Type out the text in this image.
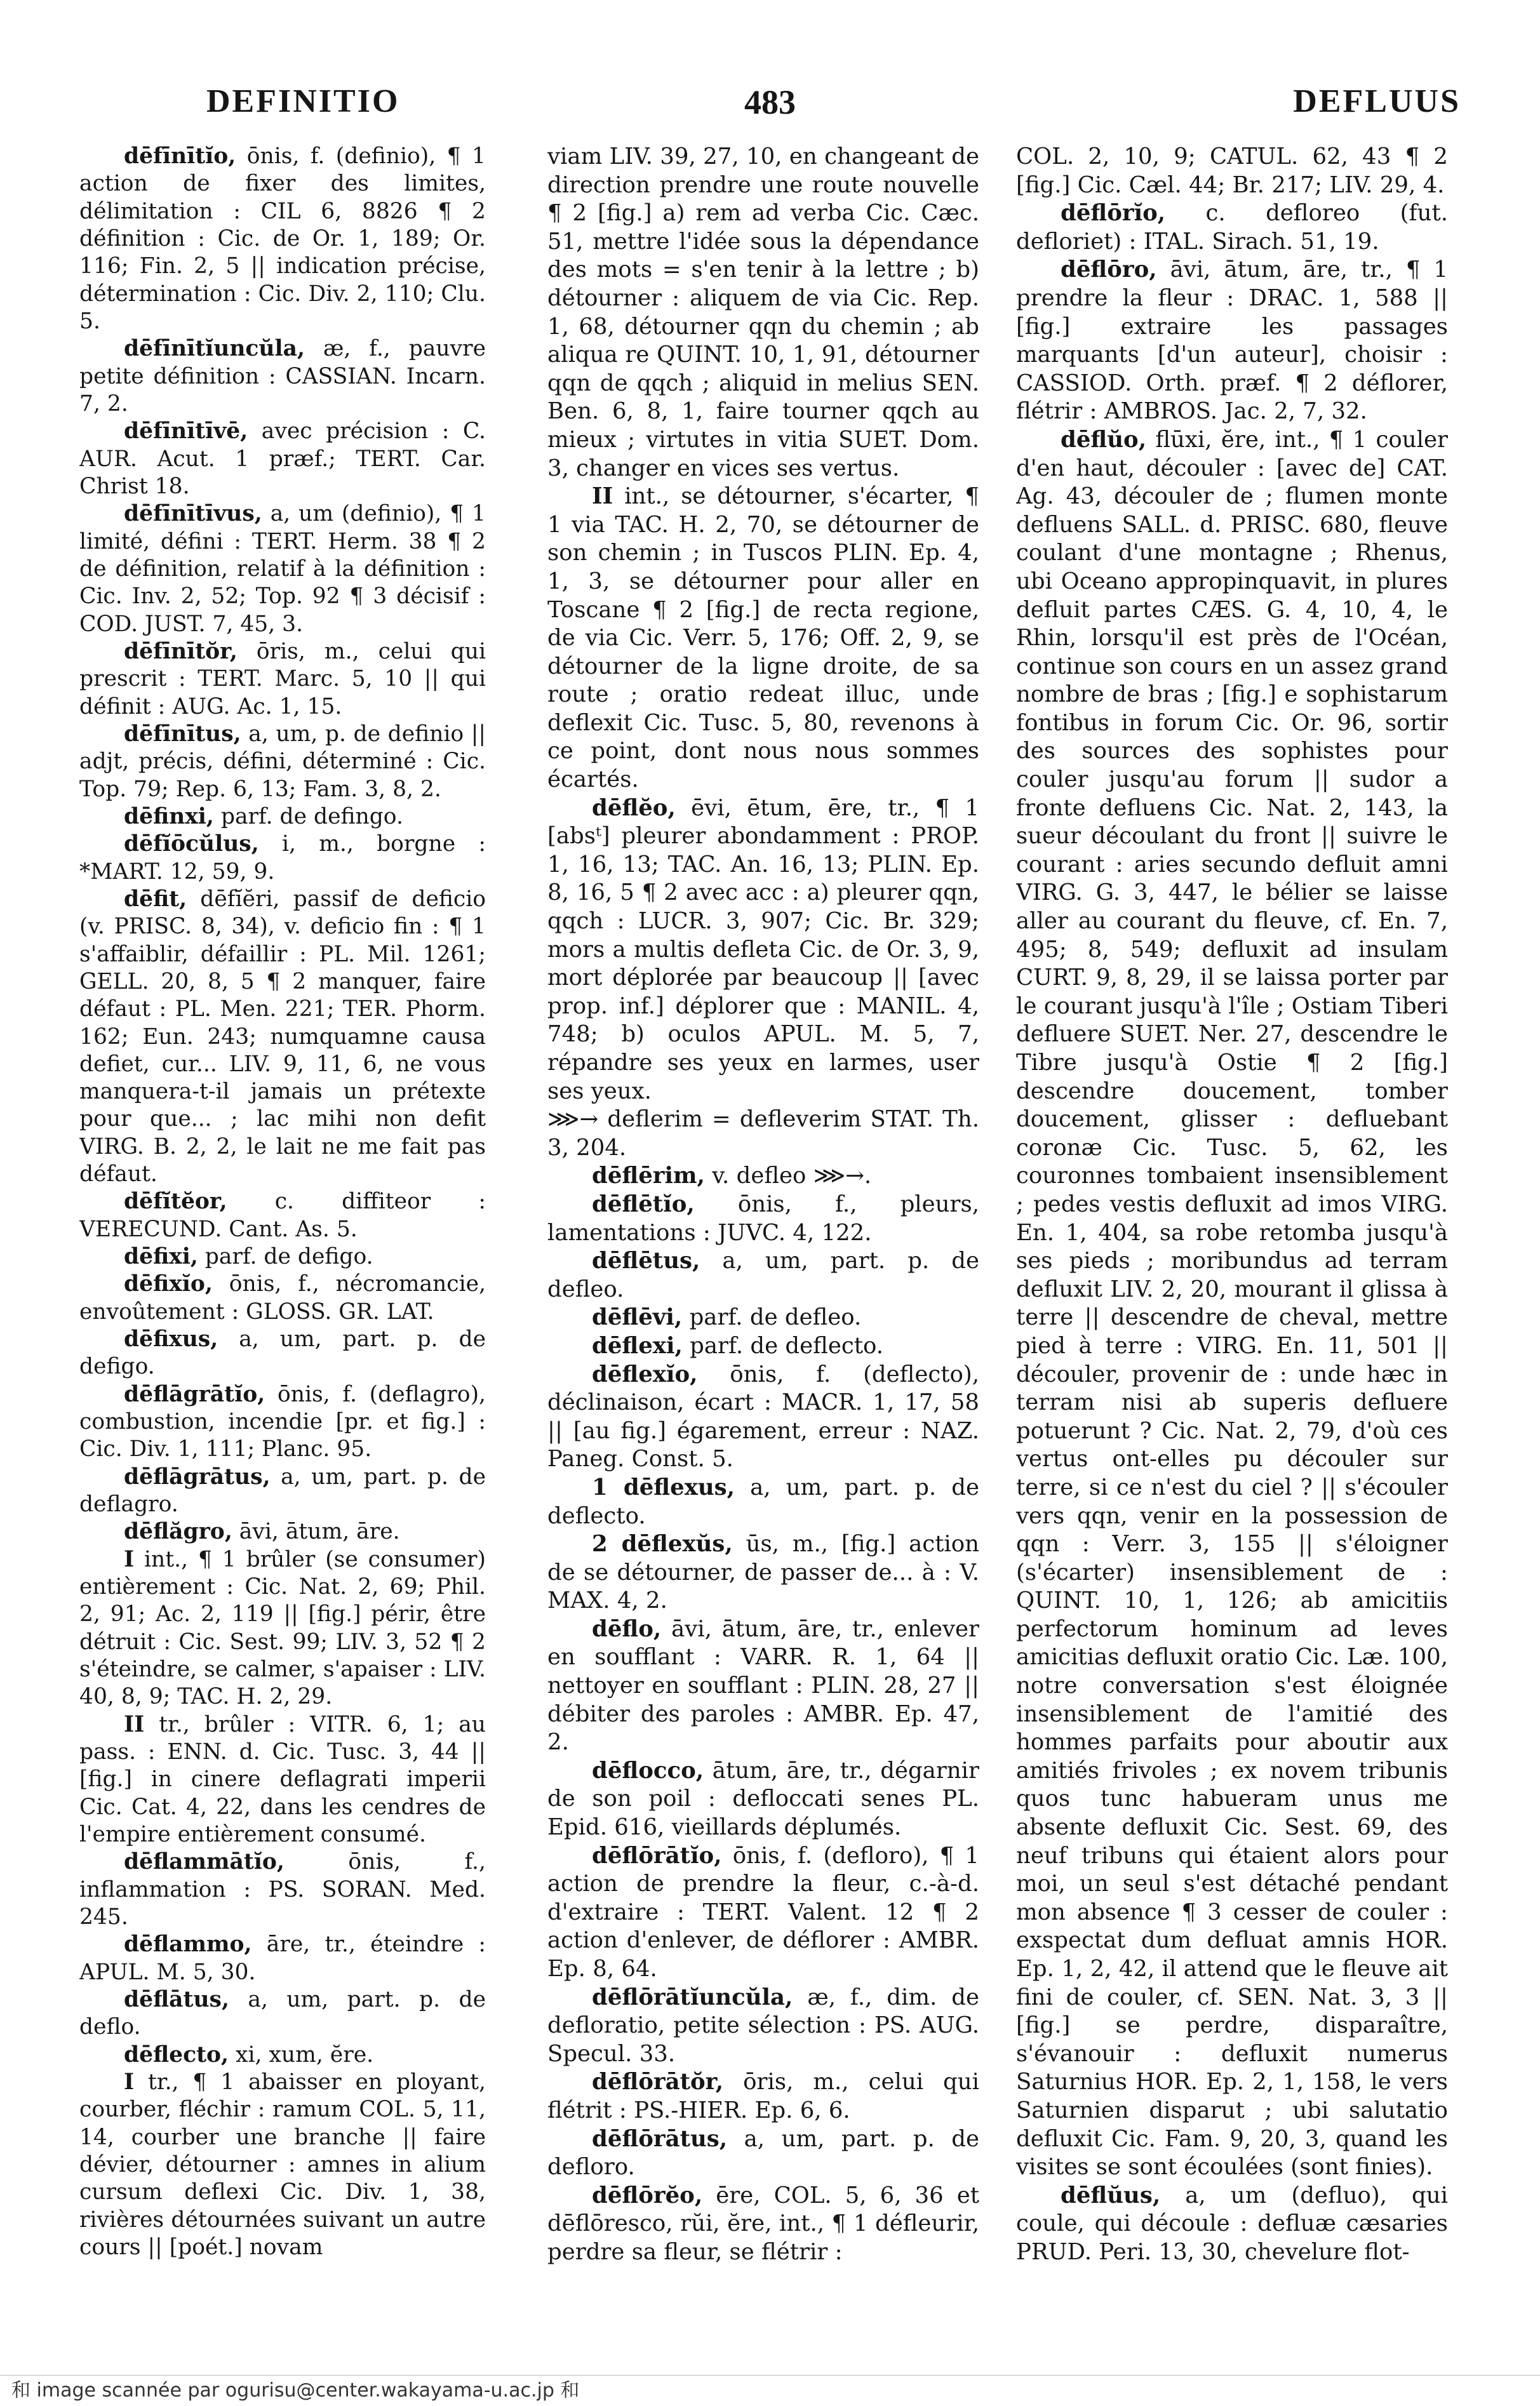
DEFINITIO	483	DEFLUUS

dēfīnītĭo, ōnis, f. (definio), ¶ 1 action de fixer des limites, délimitation : CIL 6, 8826 ¶ 2 définition : Cic. de Or. 1, 189; Or. 116; Fin. 2, 5 || indication précise, détermination : Cic. Div. 2, 110; Clu. 5.

dēfīnītĭuncŭla, æ, f., pauvre petite définition : CASSIAN. Incarn. 7, 2.

dēfīnītīvē, avec précision : C. AUR. Acut. 1 præf.; TERT. Car. Christ 18.

dēfīnītīvus, a, um (definio), ¶ 1 limité, défini : TERT. Herm. 38 ¶ 2 de définition, relatif à la définition : Cic. Inv. 2, 52; Top. 92 ¶ 3 décisif : COD. JUST. 7, 45, 3.

dēfīnītŏr, ōris, m., celui qui prescrit : TERT. Marc. 5, 10 || qui définit : AUG. Ac. 1, 15.

dēfīnītus, a, um, p. de definio || adjt, précis, défini, déterminé : Cic. Top. 79; Rep. 6, 13; Fam. 3, 8, 2.

dēfinxi, parf. de defingo.

dēfĭōcŭlus, i, m., borgne : *MART. 12, 59, 9.

dēfit, dēfĭĕri, passif de deficio (v. PRISC. 8, 34), v. deficio fin : ¶ 1 s'affaiblir, défaillir : PL. Mil. 1261; GELL. 20, 8, 5 ¶ 2 manquer, faire défaut : PL. Men. 221; TER. Phorm. 162; Eun. 243; numquamne causa defiet, cur... LIV. 9, 11, 6, ne vous manquera-t-il jamais un prétexte pour que... ; lac mihi non defit VIRG. B. 2, 2, le lait ne me fait pas défaut.

dēfĭtĕor, c. diffiteor : VERECUND. Cant. As. 5.

dēfixi, parf. de defigo.

dēfixĭo, ōnis, f., nécromancie, envoûtement : GLOSS. GR. LAT.

dēfixus, a, um, part. p. de defigo.

dēflāgrātĭo, ōnis, f. (deflagro), combustion, incendie [pr. et fig.] : Cic. Div. 1, 111; Planc. 95.

dēflāgrātus, a, um, part. p. de deflagro.

dēflăgro, āvi, ātum, āre.

I int., ¶ 1 brûler (se consumer) entièrement : Cic. Nat. 2, 69; Phil. 2, 91; Ac. 2, 119 || [fig.] périr, être détruit : Cic. Sest. 99; LIV. 3, 52 ¶ 2 s'éteindre, se calmer, s'apaiser : LIV. 40, 8, 9; TAC. H. 2, 29.

II tr., brûler : VITR. 6, 1; au pass. : ENN. d. Cic. Tusc. 3, 44 || [fig.] in cinere deflagrati imperii Cic. Cat. 4, 22, dans les cendres de l'empire entièrement consumé.

dēflammātĭo, ōnis, f., inflammation : PS. SORAN. Med. 245.

dēflammo, āre, tr., éteindre : APUL. M. 5, 30.

dēflātus, a, um, part. p. de deflo.

dēflecto, xi, xum, ĕre.

I tr., ¶ 1 abaisser en ployant, courber, fléchir : ramum COL. 5, 11, 14, courber une branche || faire dévier, détourner : amnes in alium cursum deflexi Cic. Div. 1, 38, rivières détournées suivant un autre cours || [poét.] novam

viam LIV. 39, 27, 10, en changeant de direction prendre une route nouvelle ¶ 2 [fig.] a) rem ad verba Cic. Cæc. 51, mettre l'idée sous la dépendance des mots = s'en tenir à la lettre ; b) détourner : aliquem de via Cic. Rep. 1, 68, détourner qqn du chemin ; ab aliqua re QUINT. 10, 1, 91, détourner qqn de qqch ; aliquid in melius SEN. Ben. 6, 8, 1, faire tourner qqch au mieux ; virtutes in vitia SUET. Dom. 3, changer en vices ses vertus.

II int., se détourner, s'écarter, ¶ 1 via TAC. H. 2, 70, se détourner de son chemin ; in Tuscos PLIN. Ep. 4, 1, 3, se détourner pour aller en Toscane ¶ 2 [fig.] de recta regione, de via Cic. Verr. 5, 176; Off. 2, 9, se détourner de la ligne droite, de sa route ; oratio redeat illuc, unde deflexit Cic. Tusc. 5, 80, revenons à ce point, dont nous nous sommes écartés.

dēflĕo, ēvi, ētum, ēre, tr., ¶ 1 [absᵗ] pleurer abondamment : PROP. 1, 16, 13; TAC. An. 16, 13; PLIN. Ep. 8, 16, 5 ¶ 2 avec acc : a) pleurer qqn, qqch : LUCR. 3, 907; Cic. Br. 329; mors a multis defleta Cic. de Or. 3, 9, mort déplorée par beaucoup || [avec prop. inf.] déplorer que : MANIL. 4, 748; b) oculos APUL. M. 5, 7, répandre ses yeux en larmes, user ses yeux.

⋙→ deflerim = defleverim STAT. Th. 3, 204.

dēflērim, v. defleo ⋙→.

dēflētĭo, ōnis, f., pleurs, lamentations : JUVC. 4, 122.

dēflētus, a, um, part. p. de defleo.

dēflēvi, parf. de defleo.

dēflexi, parf. de deflecto.

dēflexĭo, ōnis, f. (deflecto), déclinaison, écart : MACR. 1, 17, 58 || [au fig.] égarement, erreur : NAZ. Paneg. Const. 5.

1 dēflexus, a, um, part. p. de deflecto.

2 dēflexŭs, ūs, m., [fig.] action de se détourner, de passer de... à : V. MAX. 4, 2.

dēflo, āvi, ātum, āre, tr., enlever en soufflant : VARR. R. 1, 64 || nettoyer en soufflant : PLIN. 28, 27 || débiter des paroles : AMBR. Ep. 47, 2.

dēflocco, ātum, āre, tr., dégarnir de son poil : defloccati senes PL. Epid. 616, vieillards déplumés.

dēflōrātĭo, ōnis, f. (defloro), ¶ 1 action de prendre la fleur, c.-à-d. d'extraire : TERT. Valent. 12 ¶ 2 action d'enlever, de déflorer : AMBR. Ep. 8, 64.

dēflōrātĭuncŭla, æ, f., dim. de defloratio, petite sélection : PS. AUG. Specul. 33.

dēflōrātŏr, ōris, m., celui qui flétrit : PS.-HIER. Ep. 6, 6.

dēflōrātus, a, um, part. p. de defloro.

dēflōrĕo, ēre, COL. 5, 6, 36 et dēflōresco, rŭi, ĕre, int., ¶ 1 défleurir, perdre sa fleur, se flétrir :

COL. 2, 10, 9; CATUL. 62, 43 ¶ 2 [fig.] Cic. Cæl. 44; Br. 217; LIV. 29, 4.

dēflōrĭo, c. defloreo (fut. defloriet) : ITAL. Sirach. 51, 19.

dēflōro, āvi, ātum, āre, tr., ¶ 1 prendre la fleur : DRAC. 1, 588 || [fig.] extraire les passages marquants [d'un auteur], choisir : CASSIOD. Orth. præf. ¶ 2 déflorer, flétrir : AMBROS. Jac. 2, 7, 32.

dēflŭo, flūxi, ĕre, int., ¶ 1 couler d'en haut, découler : [avec de] CAT. Ag. 43, découler de ; flumen monte defluens SALL. d. PRISC. 680, fleuve coulant d'une montagne ; Rhenus, ubi Oceano appropinquavit, in plures defluit partes CÆS. G. 4, 10, 4, le Rhin, lorsqu'il est près de l'Océan, continue son cours en un assez grand nombre de bras ; [fig.] e sophistarum fontibus in forum Cic. Or. 96, sortir des sources des sophistes pour couler jusqu'au forum || sudor a fronte defluens Cic. Nat. 2, 143, la sueur découlant du front || suivre le courant : aries secundo defluit amni VIRG. G. 3, 447, le bélier se laisse aller au courant du fleuve, cf. En. 7, 495; 8, 549; defluxit ad insulam CURT. 9, 8, 29, il se laissa porter par le courant jusqu'à l'île ; Ostiam Tiberi defluere SUET. Ner. 27, descendre le Tibre jusqu'à Ostie ¶ 2 [fig.] descendre doucement, tomber doucement, glisser : defluebant coronæ Cic. Tusc. 5, 62, les couronnes tombaient insensiblement ; pedes vestis defluxit ad imos VIRG. En. 1, 404, sa robe retomba jusqu'à ses pieds ; moribundus ad terram defluxit LIV. 2, 20, mourant il glissa à terre || descendre de cheval, mettre pied à terre : VIRG. En. 11, 501 || découler, provenir de : unde hæc in terram nisi ab superis defluere potuerunt ? Cic. Nat. 2, 79, d'où ces vertus ont-elles pu découler sur terre, si ce n'est du ciel ? || s'écouler vers qqn, venir en la possession de qqn : Verr. 3, 155 || s'éloigner (s'écarter) insensiblement de : QUINT. 10, 1, 126; ab amicitiis perfectorum hominum ad leves amicitias defluxit oratio Cic. Læ. 100, notre conversation s'est éloignée insensiblement de l'amitié des hommes parfaits pour aboutir aux amitiés frivoles ; ex novem tribunis quos tunc habueram unus me absente defluxit Cic. Sest. 69, des neuf tribuns qui étaient alors pour moi, un seul s'est détaché pendant mon absence ¶ 3 cesser de couler : exspectat dum defluat amnis HOR. Ep. 1, 2, 42, il attend que le fleuve ait fini de couler, cf. SEN. Nat. 3, 3 || [fig.] se perdre, disparaître, s'évanouir : defluxit numerus Saturnius HOR. Ep. 2, 1, 158, le vers Saturnien disparut ; ubi salutatio defluxit Cic. Fam. 9, 20, 3, quand les visites se sont écoulées (sont finies).

dēflŭus, a, um (defluo), qui coule, qui découle : defluæ cæsaries PRUD. Peri. 13, 30, chevelure flot-

和 image scannée par ogurisu@center.wakayama-u.ac.jp 和
